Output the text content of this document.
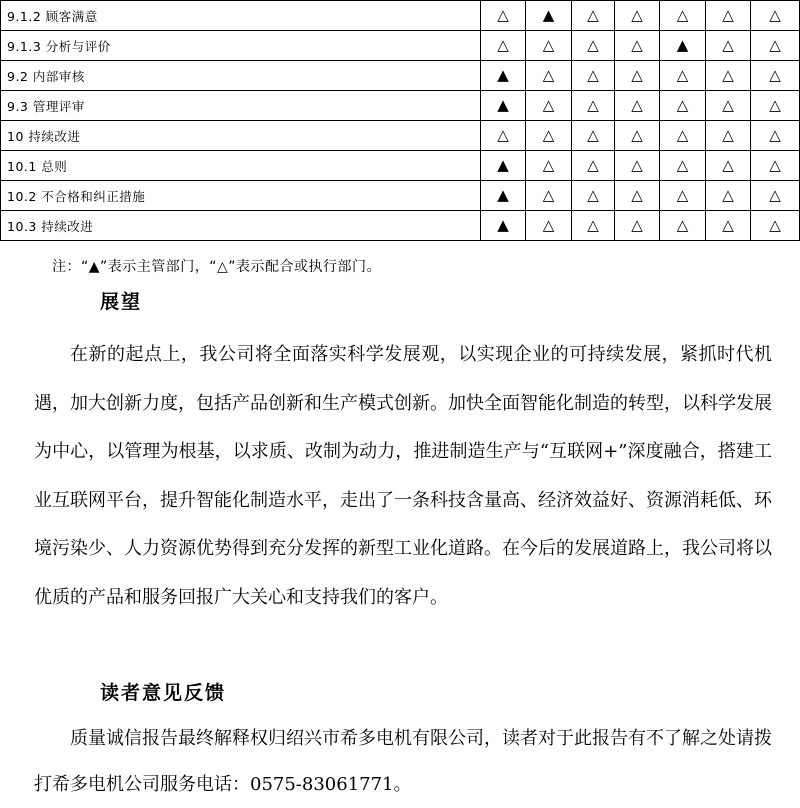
9.1.2 顾客满意	△	▲	△	△	△	△	△
9.1.3 分析与评价	△	△	△	△	▲	△	△
9.2 内部审核	▲	△	△	△	△	△	△
9.3 管理评审	▲	△	△	△	△	△	△
10 持续改进	△	△	△	△	△	△	△
10.1 总则	▲	△	△	△	△	△	△
10.2 不合格和纠正措施	▲	△	△	△	△	△	△
10.3 持续改进	▲	△	△	△	△	△	△
注：“▲”表示主管部门，“△”表示配合或执行部门。
展望

在新的起点上，我公司将全面落实科学发展观，以实现企业的可持续发展，紧抓时代机遇，加大创新力度，包括产品创新和生产模式创新。加快全面智能化制造的转型，以科学发展为中心，以管理为根基，以求质、改制为动力，推进制造生产与“互联网+”深度融合，搭建工业互联网平台，提升智能化制造水平，走出了一条科技含量高、经济效益好、资源消耗低、环境污染少、人力资源优势得到充分发挥的新型工业化道路。在今后的发展道路上，我公司将以优质的产品和服务回报广大关心和支持我们的客户。

读者意见反馈

质量诚信报告最终解释权归绍兴市希多电机有限公司，读者对于此报告有不了解之处请拨打希多电机公司服务电话：0575-83061771。
